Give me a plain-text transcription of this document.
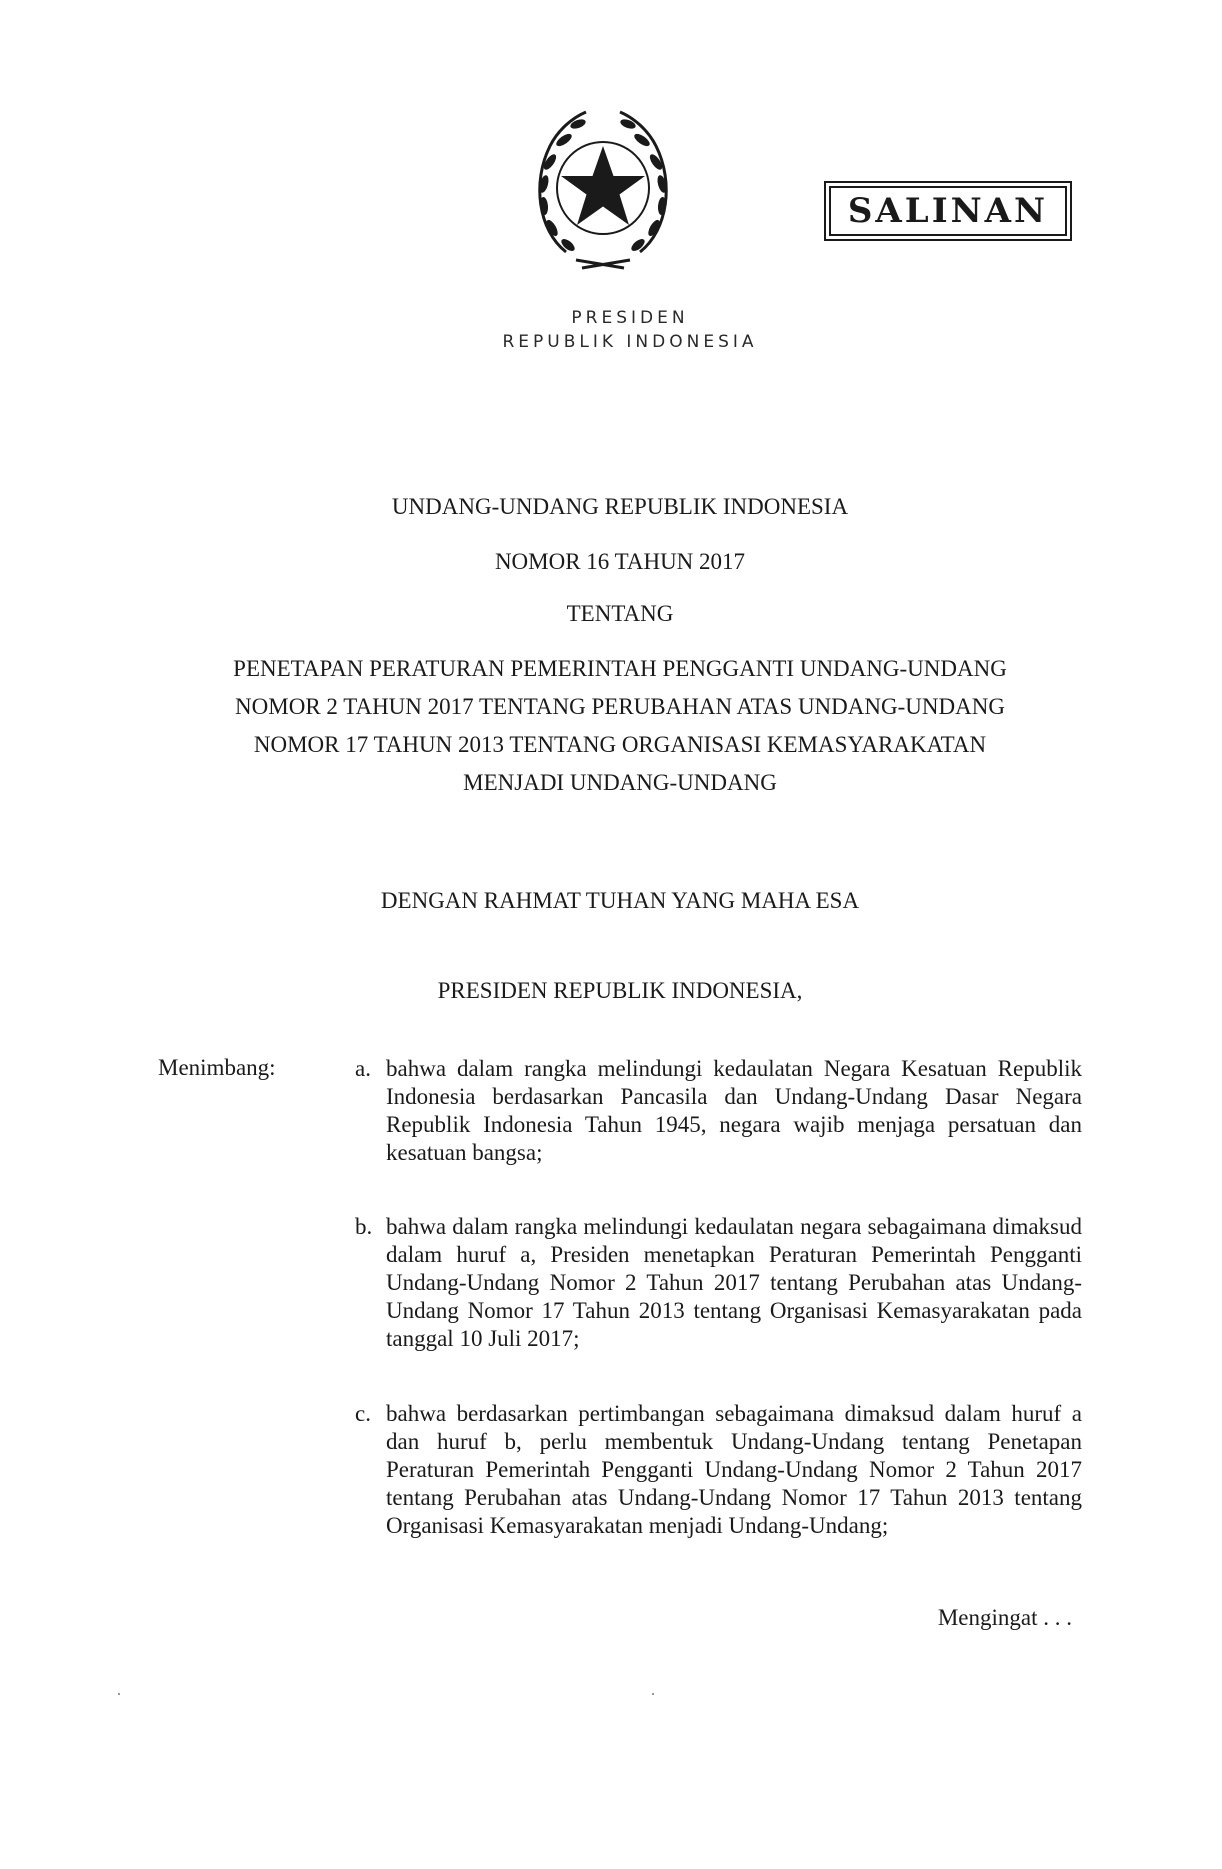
PRESIDEN
REPUBLIK INDONESIA
SALINAN
UNDANG-UNDANG REPUBLIK INDONESIA
NOMOR 16 TAHUN 2017
TENTANG
PENETAPAN PERATURAN PEMERINTAH PENGGANTI UNDANG-UNDANG
NOMOR 2 TAHUN 2017 TENTANG PERUBAHAN ATAS UNDANG-UNDANG
NOMOR 17 TAHUN 2013 TENTANG ORGANISASI KEMASYARAKATAN
MENJADI UNDANG-UNDANG
DENGAN RAHMAT TUHAN YANG MAHA ESA
PRESIDEN REPUBLIK INDONESIA,
Menimbang:	a. bahwa dalam rangka melindungi kedaulatan Negara Kesatuan Republik Indonesia berdasarkan Pancasila dan Undang-Undang Dasar Negara Republik Indonesia Tahun 1945, negara wajib menjaga persatuan dan kesatuan bangsa;
b. bahwa dalam rangka melindungi kedaulatan negara sebagaimana dimaksud dalam huruf a, Presiden menetapkan Peraturan Pemerintah Pengganti Undang-Undang Nomor 2 Tahun 2017 tentang Perubahan atas Undang-Undang Nomor 17 Tahun 2013 tentang Organisasi Kemasyarakatan pada tanggal 10 Juli 2017;
c. bahwa berdasarkan pertimbangan sebagaimana dimaksud dalam huruf a dan huruf b, perlu membentuk Undang-Undang tentang Penetapan Peraturan Pemerintah Pengganti Undang-Undang Nomor 2 Tahun 2017 tentang Perubahan atas Undang-Undang Nomor 17 Tahun 2013 tentang Organisasi Kemasyarakatan menjadi Undang-Undang;
Mengingat . . .
